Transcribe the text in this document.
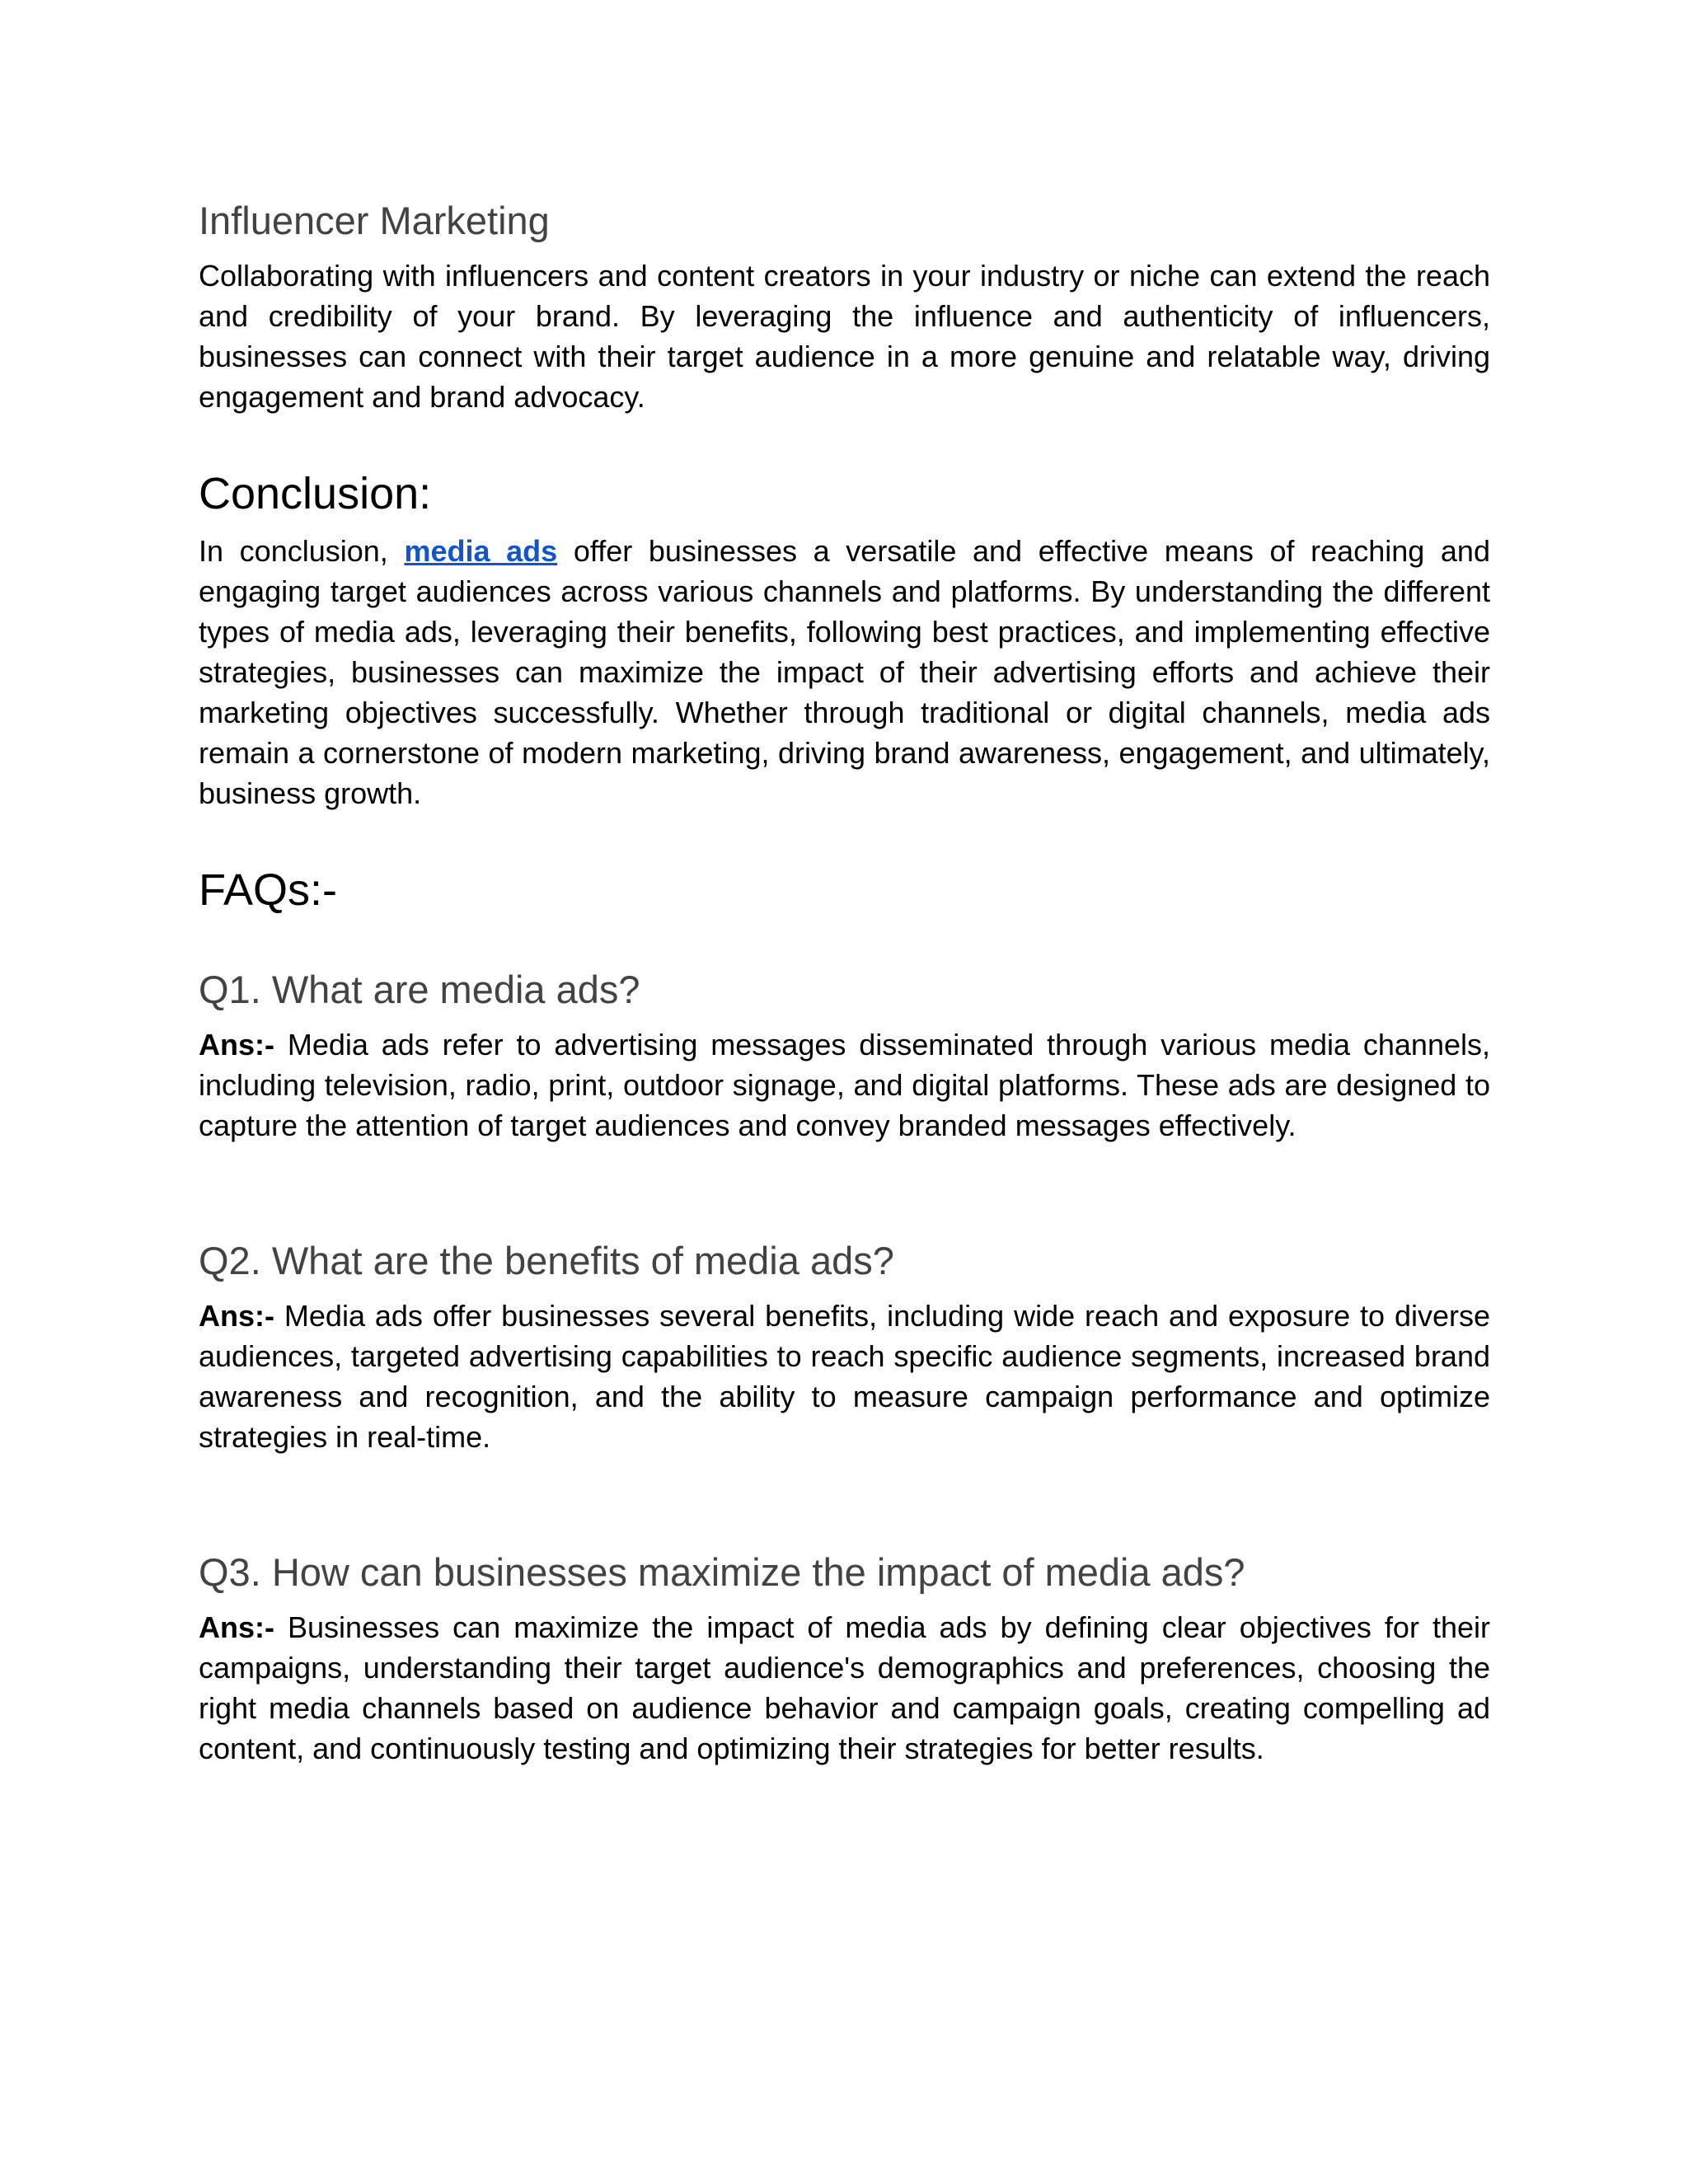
Influencer Marketing

Collaborating with influencers and content creators in your industry or niche can extend the reach and credibility of your brand. By leveraging the influence and authenticity of influencers, businesses can connect with their target audience in a more genuine and relatable way, driving engagement and brand advocacy.

Conclusion:

In conclusion, media ads offer businesses a versatile and effective means of reaching and engaging target audiences across various channels and platforms. By understanding the different types of media ads, leveraging their benefits, following best practices, and implementing effective strategies, businesses can maximize the impact of their advertising efforts and achieve their marketing objectives successfully. Whether through traditional or digital channels, media ads remain a cornerstone of modern marketing, driving brand awareness, engagement, and ultimately, business growth.

FAQs:-
Q1. What are media ads?

Ans:- Media ads refer to advertising messages disseminated through various media channels, including television, radio, print, outdoor signage, and digital platforms. These ads are designed to capture the attention of target audiences and convey branded messages effectively.

Q2. What are the benefits of media ads?

Ans:- Media ads offer businesses several benefits, including wide reach and exposure to diverse audiences, targeted advertising capabilities to reach specific audience segments, increased brand awareness and recognition, and the ability to measure campaign performance and optimize strategies in real-time.

Q3. How can businesses maximize the impact of media ads?

Ans:- Businesses can maximize the impact of media ads by defining clear objectives for their campaigns, understanding their target audience's demographics and preferences, choosing the right media channels based on audience behavior and campaign goals, creating compelling ad content, and continuously testing and optimizing their strategies for better results.
